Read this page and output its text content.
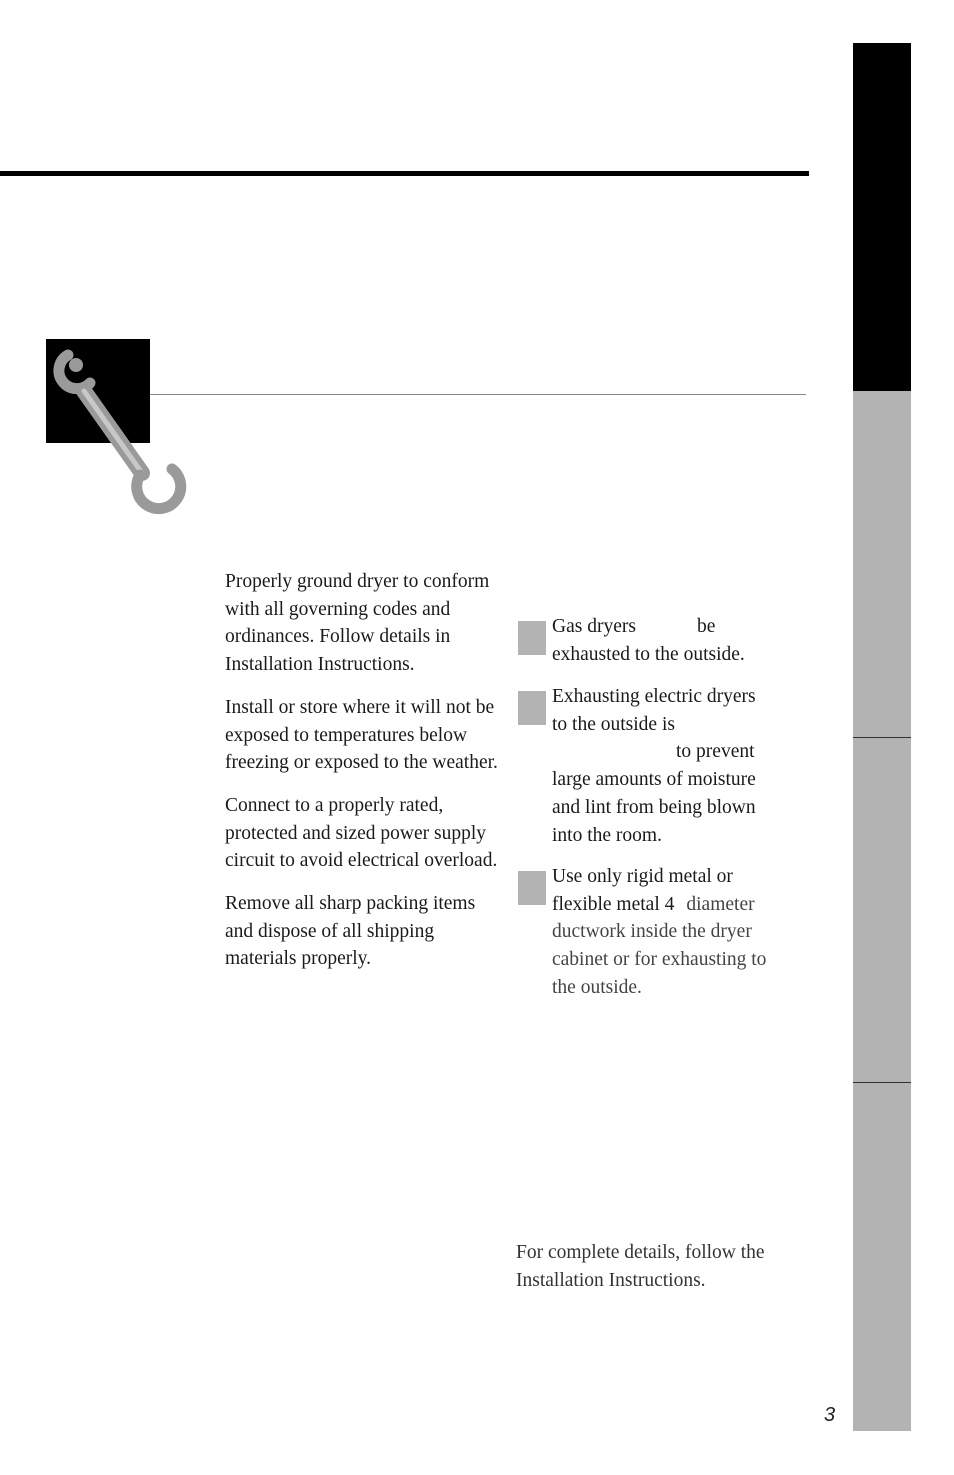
Properly ground dryer to conform with all governing codes and ordinances. Follow details in Installation Instructions.

Install or store where it will not be exposed to temperatures below freezing or exposed to the weather.

Connect to a properly rated, protected and sized power supply circuit to avoid electrical overload.

Remove all sharp packing items and dispose of all shipping materials properly.

Gas dryers	be
exhausted to the outside.
Exhausting electric dryers
to the outside is
to prevent
large amounts of moisture
and lint from being blown
into the room.
Use only rigid metal or
flexible metal 4 diameter
ductwork inside the dryer
cabinet or for exhausting to
the outside.
For complete details, follow the
Installation Instructions.
3
